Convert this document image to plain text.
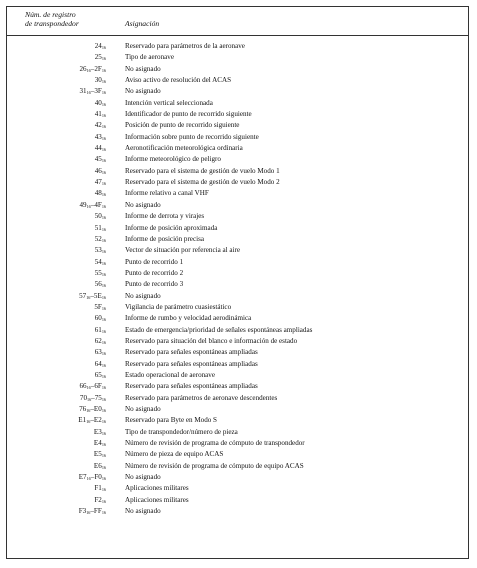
Núm. de registro
de transpondedor	Asignación
$24_{16}$	Reservado para parámetros de la aeronave
$25_{16}$	Tipo de aeronave
$26_{16}-2F_{16}$	No asignado
$30_{16}$	Aviso activo de resolución del ACAS
$31_{16}-3F_{16}$	No asignado
$40_{16}$	Intención vertical seleccionada
$41_{16}$	Identificador de punto de recorrido siguiente
$42_{16}$	Posición de punto de recorrido siguiente
$43_{16}$	Información sobre punto de recorrido siguiente
$44_{16}$	Aeronotificación meteorológica ordinaria
$45_{16}$	Informe meteorológico de peligro
$46_{16}$	Reservado para el sistema de gestión de vuelo Modo 1
$47_{16}$	Reservado para el sistema de gestión de vuelo Modo 2
$48_{16}$	Informe relativo a canal VHF
$49_{16}-4F_{16}$	No asignado
$50_{16}$	Informe de derrota y virajes
$51_{16}$	Informe de posición aproximada
$52_{16}$	Informe de posición precisa
$53_{16}$	Vector de situación por referencia al aire
$54_{16}$	Punto de recorrido 1
$55_{16}$	Punto de recorrido 2
$56_{16}$	Punto de recorrido 3
$57_{16}-5E_{16}$	No asignado
$5F_{16}$	Vigilancia de parámetro cuasiestático
$60_{16}$	Informe de rumbo y velocidad aerodinámica
$61_{16}$	Estado de emergencia/prioridad de señales espontáneas ampliadas
$62_{16}$	Reservado para situación del blanco e información de estado
$63_{16}$	Reservado para señales espontáneas ampliadas
$64_{16}$	Reservado para señales espontáneas ampliadas
$65_{16}$	Estado operacional de aeronave
$66_{16}-6F_{16}$	Reservado para señales espontáneas ampliadas
$70_{16}-75_{16}$	Reservado para parámetros de aeronave descendentes
$76_{16}-E0_{16}$	No asignado
$E1_{16}-E2_{16}$	Reservado para Byte en Modo S
$E3_{16}$	Tipo de transpondedor/número de pieza
$E4_{16}$	Número de revisión de programa de cómputo de transpondedor
$E5_{16}$	Número de pieza de equipo ACAS
$E6_{16}$	Número de revisión de programa de cómputo de equipo ACAS
$E7_{16}-F0_{16}$	No asignado
$F1_{16}$	Aplicaciones militares
$F2_{16}$	Aplicaciones militares
$F3_{16}-FF_{16}$	No asignado
